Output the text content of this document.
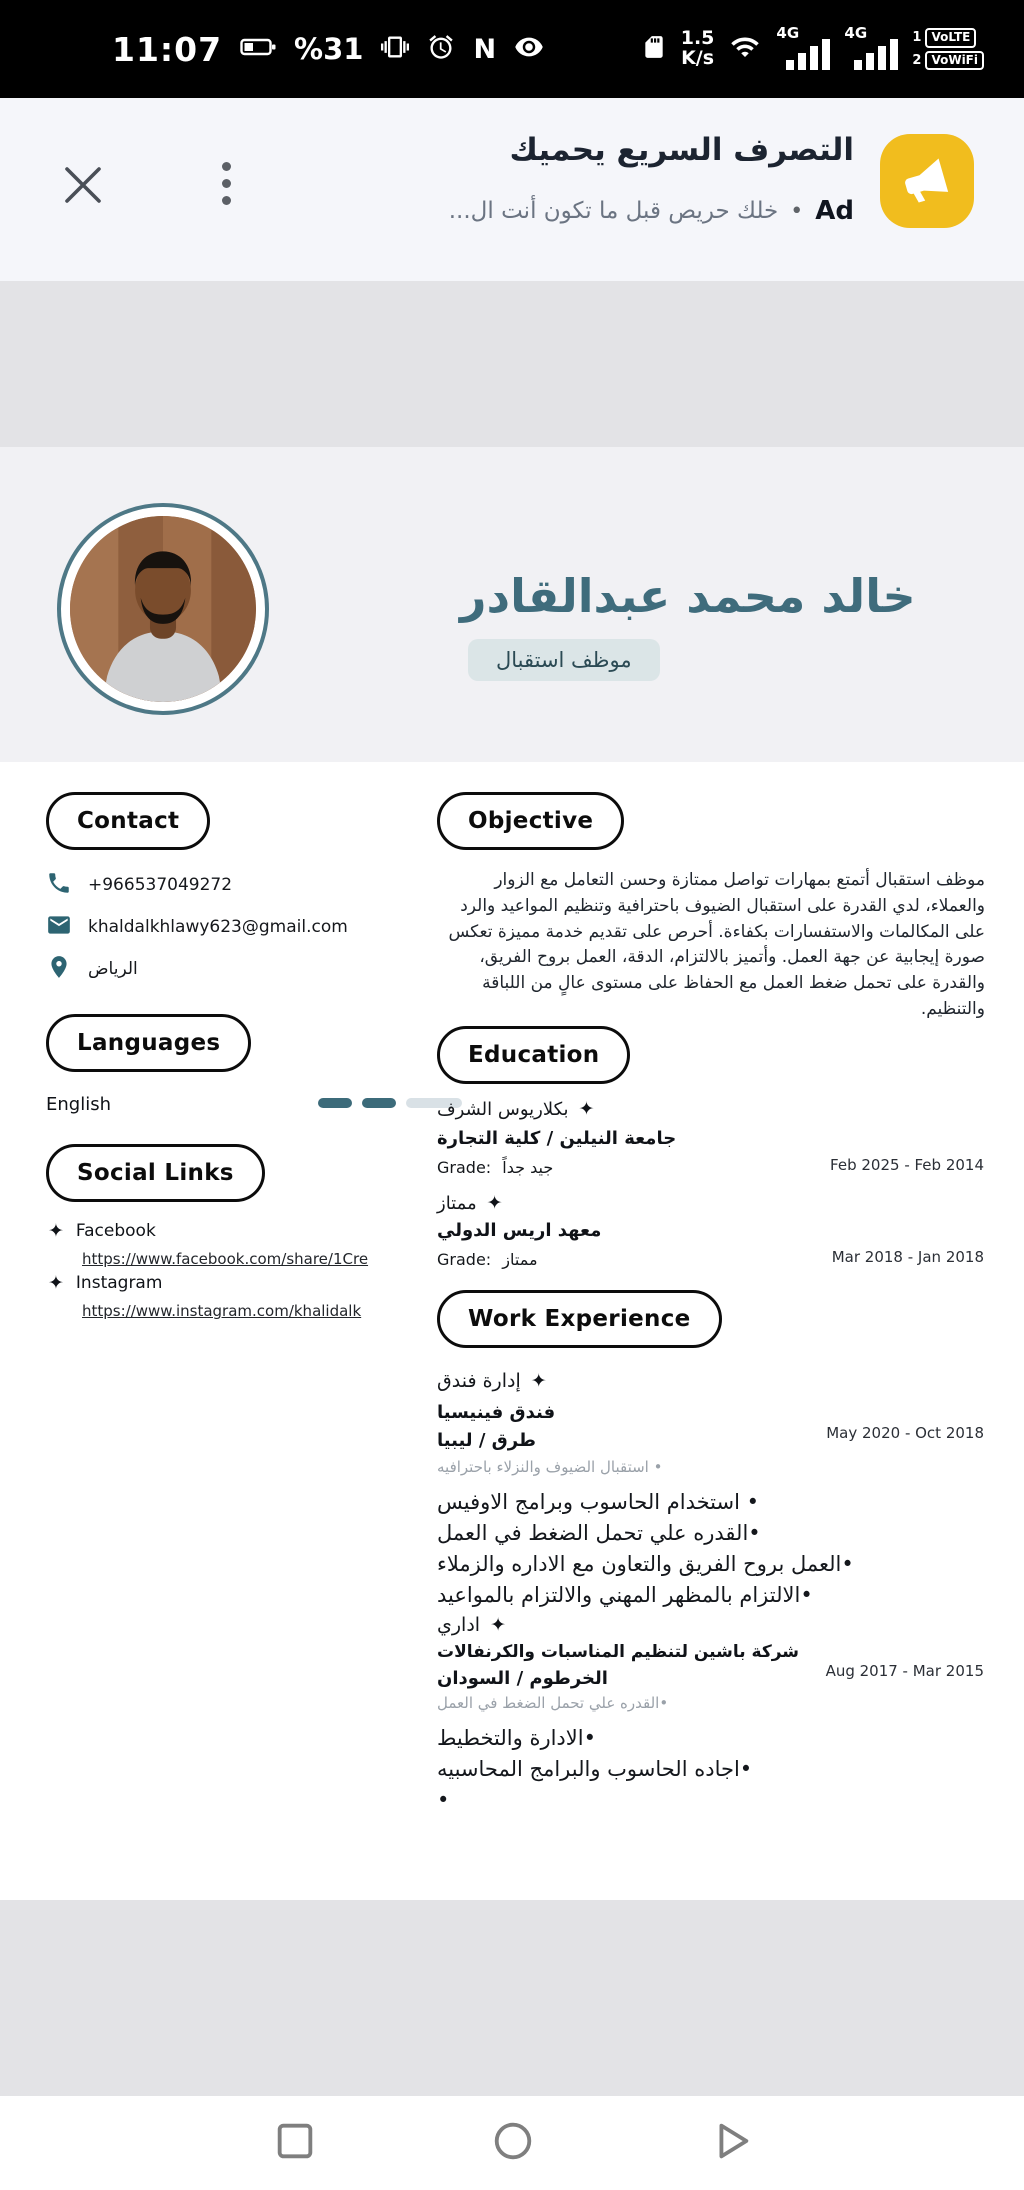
11:07 %31	N	1.5
K/s
4G	4G	1 VoLTE
2 VoWiFi
التصرف السريع يحميك
Ad
•
خلك حريص قبل ما تكون أنت ال...
خالد محمد عبدالقادر
موظف استقبال
Contact
+966537049272
khaldalkhlawy623@gmail.com
الرياض
Languages
English
Social Links
✦ Facebook
https://www.facebook.com/share/1Cre
✦ Instagram
https://www.instagram.com/khalidalk
Objective
موظف استقبال أتمتع بمهارات تواصل ممتازة وحسن التعامل مع الزوار والعملاء، لدي القدرة على استقبال الضيوف باحترافية وتنظيم المواعيد والرد على المكالمات والاستفسارات بكفاءة. أحرص على تقديم خدمة مميزة تعكس صورة إيجابية عن جهة العمل. وأتميز بالالتزام، الدقة، العمل بروح الفريق، والقدرة على تحمل ضغط العمل مع الحفاظ على مستوى عالٍ من اللباقة والتنظيم.
Education
بكلاريوس الشرف ✦
جامعة النيلين / كلية التجارة
Grade: جيد جداً	Feb 2025 - Feb 2014
ممتاز ✦
معهد اريس الدولي
Grade: ممتاز	Mar 2018 - Jan 2018
Work Experience
إدارة فندق ✦
فندق فينيسيا
طرق / ليبيا
استقبال الضيوف والنزلاء باحترافيه •
May 2020 - Oct 2018
استخدام الحاسوب وبرامج الاوفيس •
القدره علي تحمل الضغط في العمل•
العمل بروح الفريق والتعاون مع الاداره والزملاء•
الالتزام بالمظهر المهني والالتزام بالمواعيد•
اداري ✦
شركة باشين لتنظيم المناسبات والكرنفالات
الخرطوم / السودان
القدره علي تحمل الضغط في العمل•
Aug 2017 - Mar 2015
الادارة والتخطيط•
اجاده الحاسوب والبرامج المحاسبيه•
•
